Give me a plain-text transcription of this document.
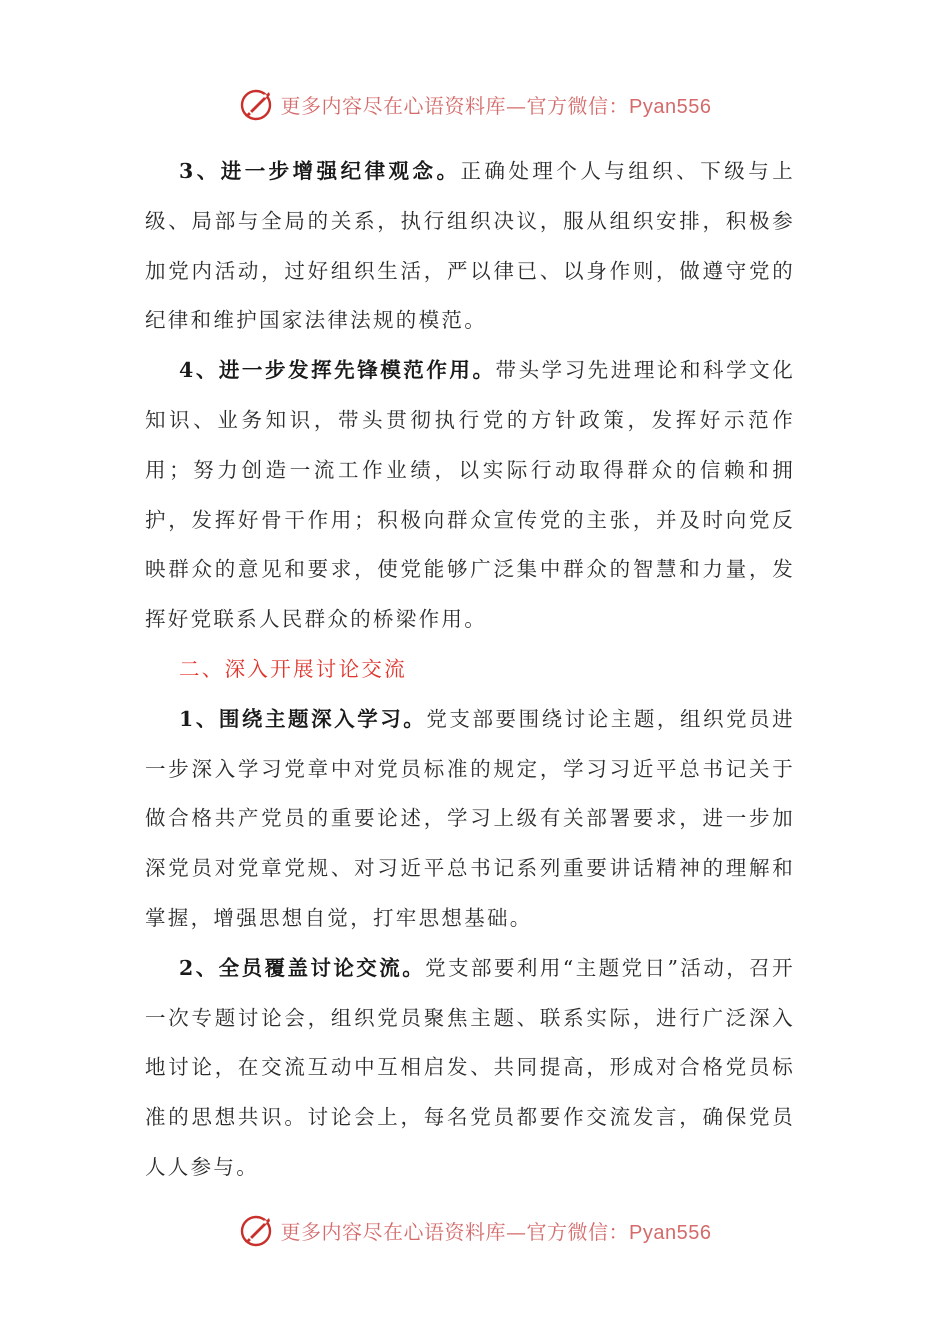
更多内容尽在心语资料库—官方微信：Pyan556

3、进一步增强纪律观念。正确处理个人与组织、下级与上级、局部与全局的关系，执行组织决议，服从组织安排，积极参加党内活动，过好组织生活，严以律已、以身作则，做遵守党的纪律和维护国家法律法规的模范。

4、进一步发挥先锋模范作用。带头学习先进理论和科学文化知识、业务知识，带头贯彻执行党的方针政策，发挥好示范作用；努力创造一流工作业绩，以实际行动取得群众的信赖和拥护，发挥好骨干作用；积极向群众宣传党的主张，并及时向党反映群众的意见和要求，使党能够广泛集中群众的智慧和力量，发挥好党联系人民群众的桥梁作用。

二、深入开展讨论交流

1、围绕主题深入学习。党支部要围绕讨论主题，组织党员进一步深入学习党章中对党员标准的规定，学习习近平总书记关于做合格共产党员的重要论述，学习上级有关部署要求，进一步加深党员对党章党规、对习近平总书记系列重要讲话精神的理解和掌握，增强思想自觉，打牢思想基础。

2、全员覆盖讨论交流。党支部要利用“主题党日”活动，召开一次专题讨论会，组织党员聚焦主题、联系实际，进行广泛深入地讨论，在交流互动中互相启发、共同提高，形成对合格党员标准的思想共识。讨论会上，每名党员都要作交流发言，确保党员人人参与。

更多内容尽在心语资料库—官方微信：Pyan556
